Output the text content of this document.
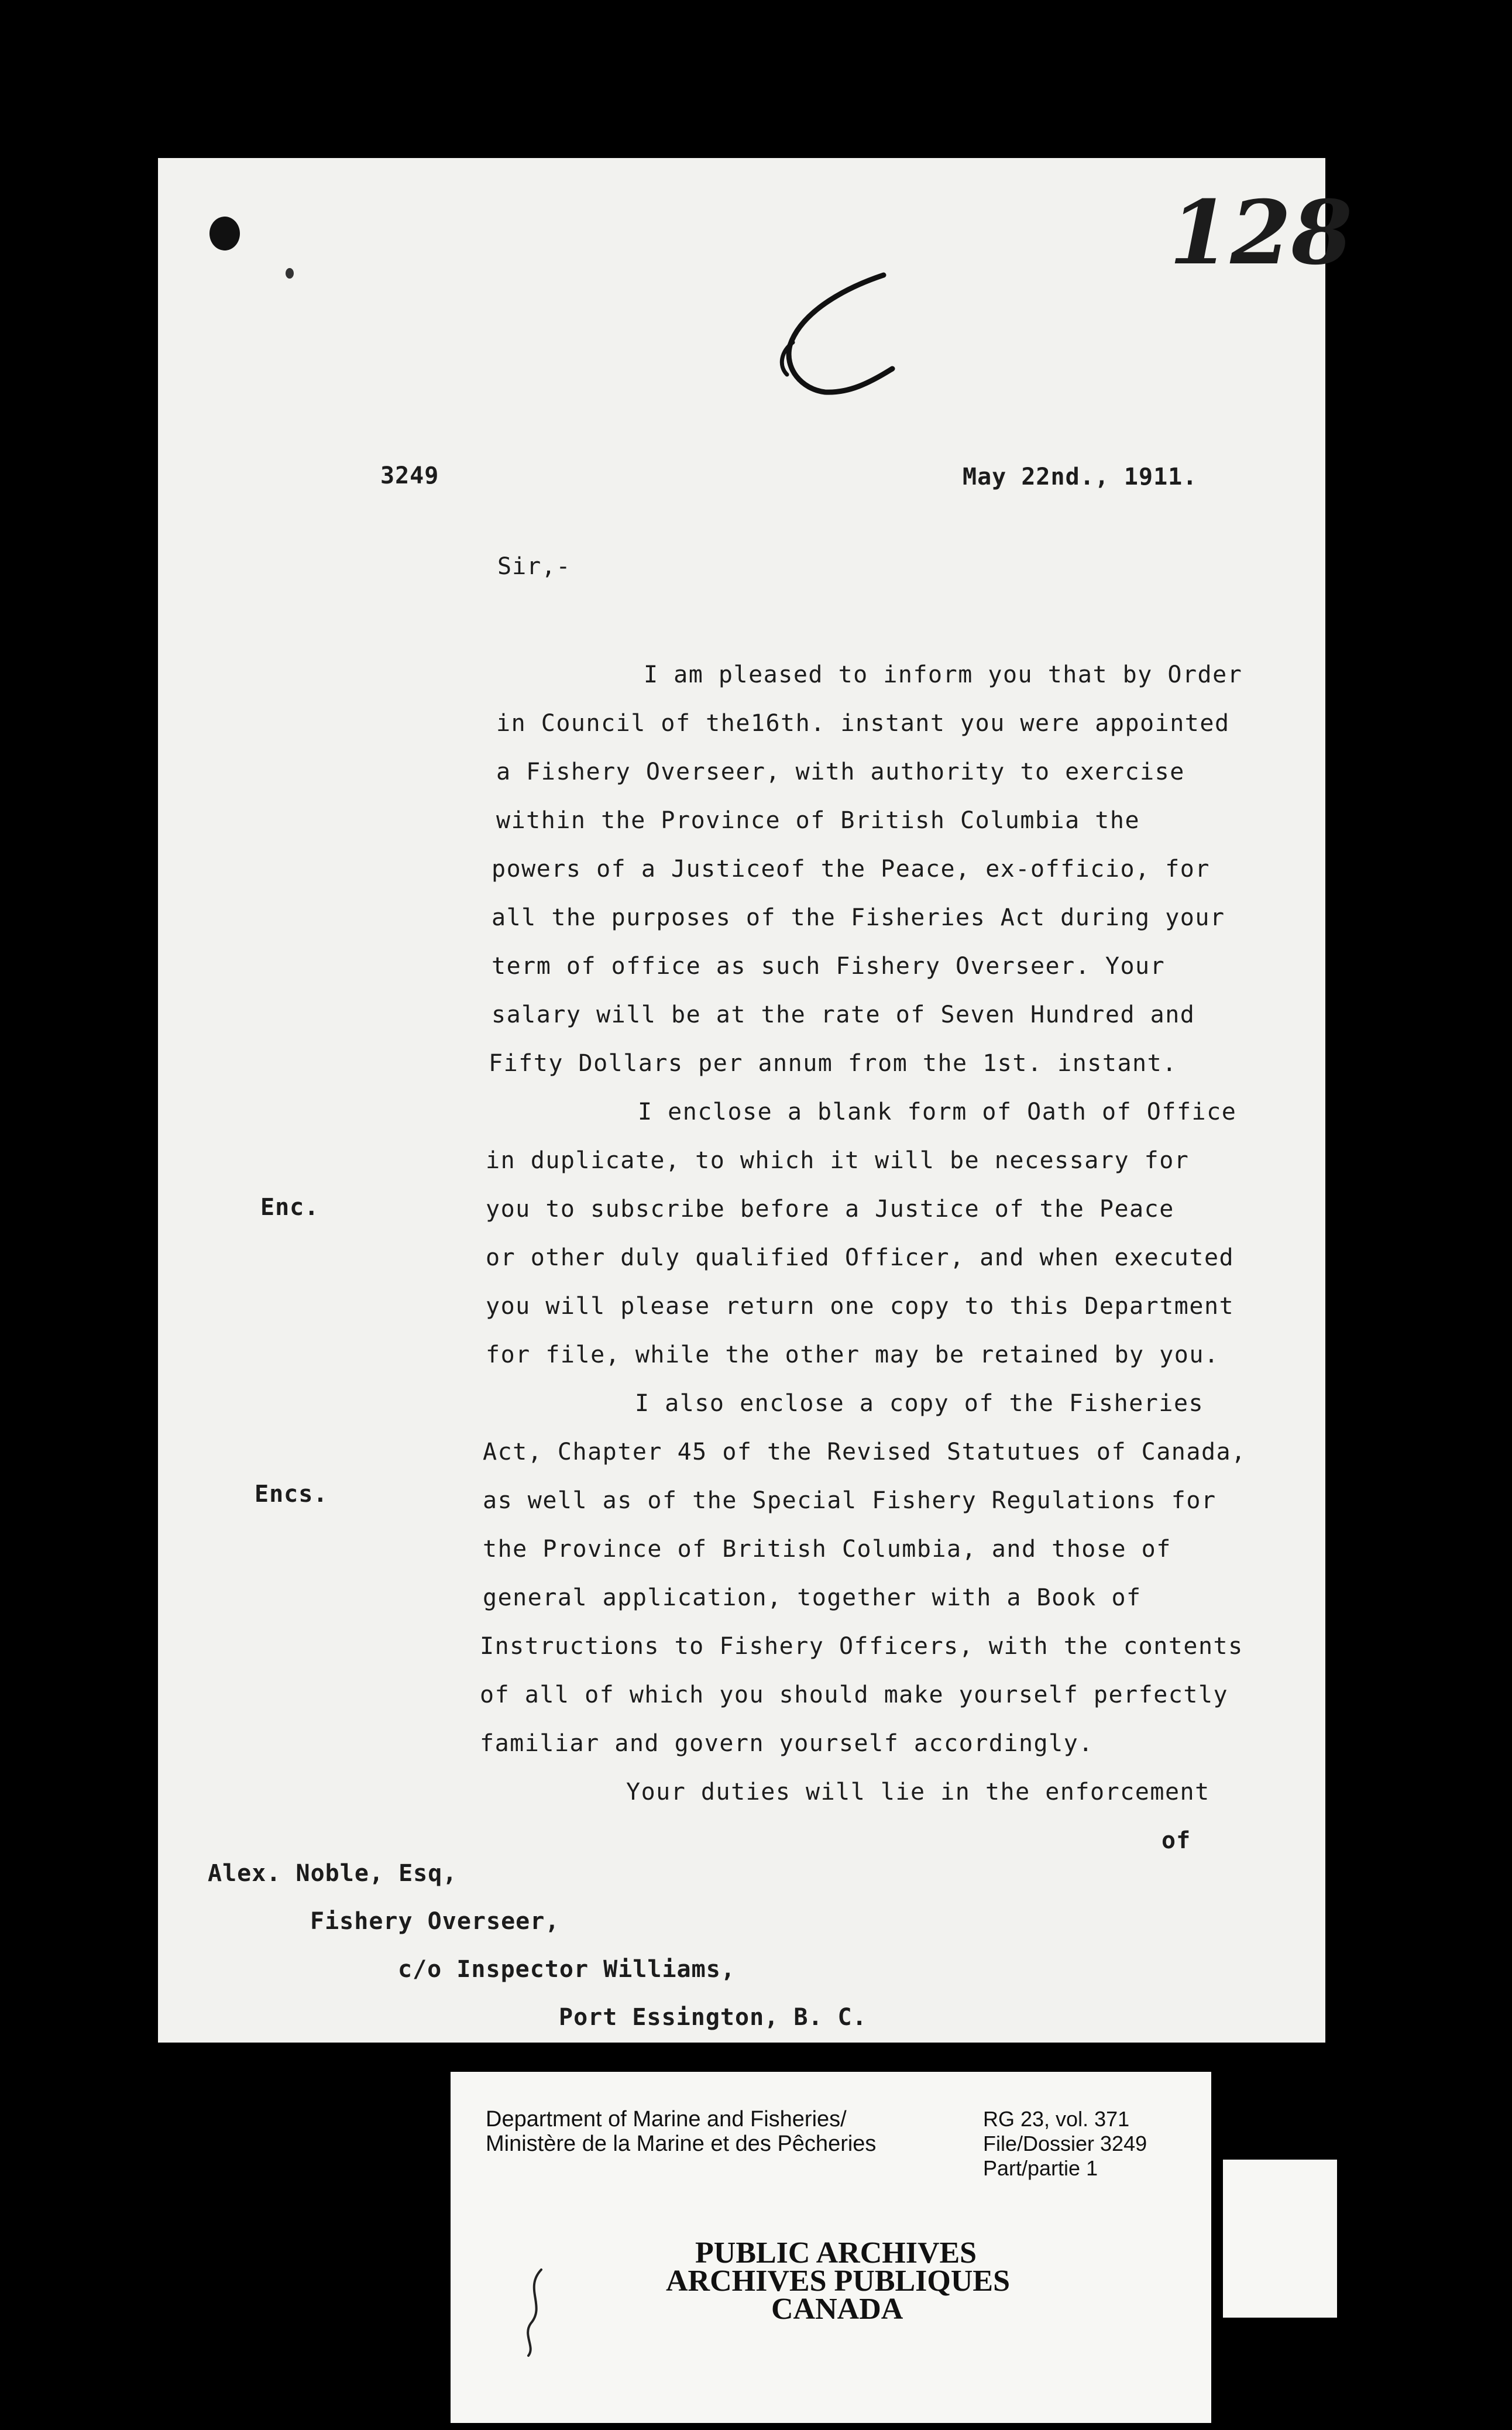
128
3249	May 22nd., 1911.
Sir,-
Enc.
Encs.
I am pleased to inform you that by Order
in Council of the16th. instant you were appointed
a Fishery Overseer, with authority to exercise
within the Province of British Columbia the
powers of a Justiceof the Peace, ex-officio, for
all the purposes of the Fisheries Act during your
term of office as such Fishery Overseer. Your
salary will be at the rate of Seven Hundred and
Fifty Dollars per annum from the 1st. instant.
I enclose a blank form of Oath of Office
in duplicate, to which it will be necessary for
you to subscribe before a Justice of the Peace
or other duly qualified Officer, and when executed
you will please return one copy to this Department
for file, while the other may be retained by you.
I also enclose a copy of the Fisheries
Act, Chapter 45 of the Revised Statutues of Canada,
as well as of the Special Fishery Regulations for
the Province of British Columbia, and those of
general application, together with a Book of
Instructions to Fishery Officers, with the contents
of all of which you should make yourself perfectly
familiar and govern yourself accordingly.
Your duties will lie in the enforcement
of
Alex. Noble, Esq,
Fishery Overseer,
c/o Inspector Williams,
Port Essington, B. C.
Department of Marine and Fisheries/
Ministère de la Marine et des Pêcheries
RG 23, vol. 371
File/Dossier 3249
Part/partie 1
PUBLIC ARCHIVES
ARCHIVES PUBLIQUES
CANADA
